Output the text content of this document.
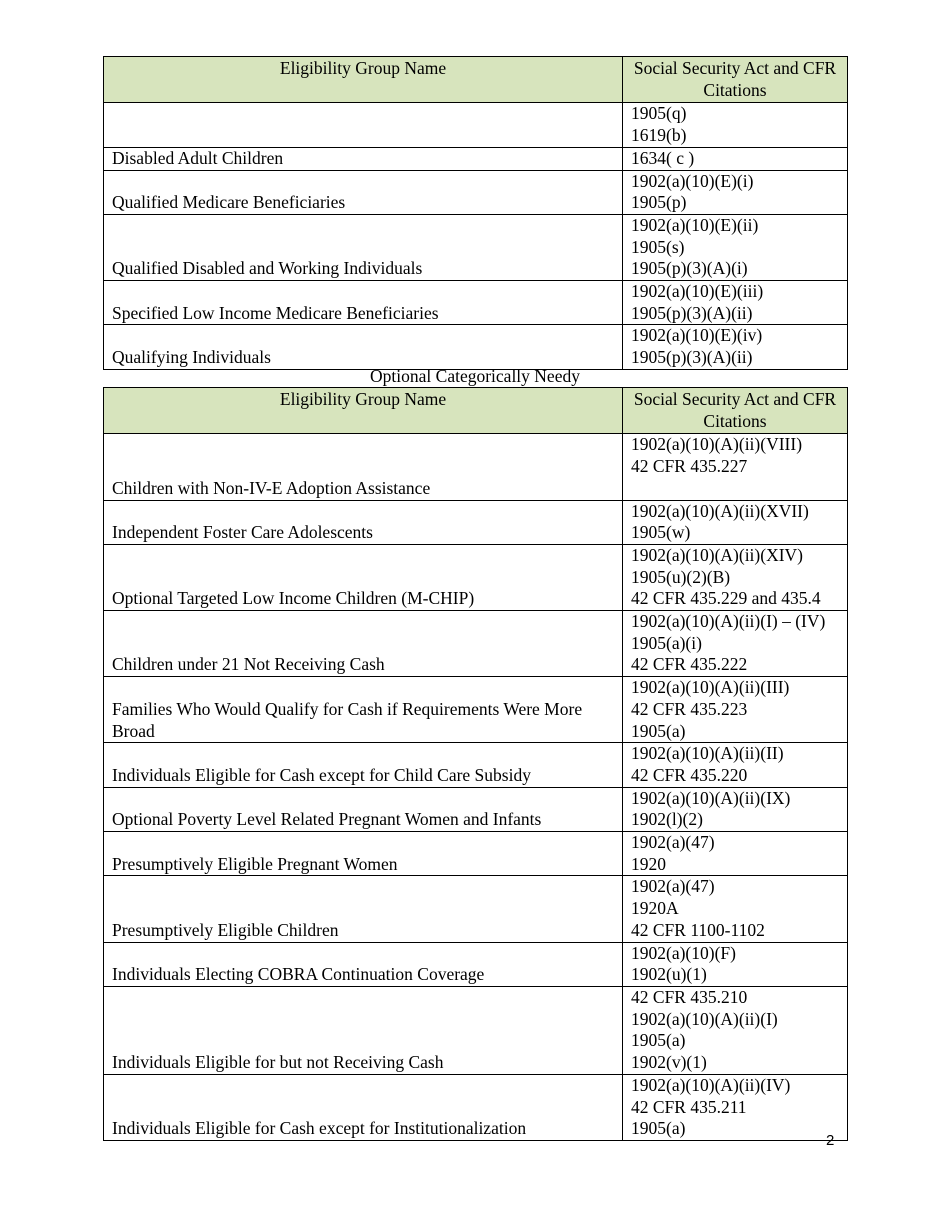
Eligibility Group Name	Social Security Act and CFR Citations

	1905(q)
1619(b)

Disabled Adult Children	1634( c )

Qualified Medicare Beneficiaries	1902(a)(10)(E)(i)
1905(p)

Qualified Disabled and Working Individuals	1902(a)(10)(E)(ii)
1905(s)
1905(p)(3)(A)(i)

Specified Low Income Medicare Beneficiaries	1902(a)(10)(E)(iii)
1905(p)(3)(A)(ii)

Qualifying Individuals	1902(a)(10)(E)(iv)
1905(p)(3)(A)(ii)
Optional Categorically Needy
Eligibility Group Name	Social Security Act and CFR Citations
Children with Non-IV-E Adoption Assistance	1902(a)(10)(A)(ii)(VIII)
42 CFR 435.227

Independent Foster Care Adolescents	1902(a)(10)(A)(ii)(XVII)
1905(w)

Optional Targeted Low Income Children (M-CHIP)	1902(a)(10)(A)(ii)(XIV)
1905(u)(2)(B)
42 CFR 435.229 and 435.4

Children under 21 Not Receiving Cash	1902(a)(10)(A)(ii)(I) – (IV)
1905(a)(i)
42 CFR 435.222

Families Who Would Qualify for Cash if Requirements Were More Broad	1902(a)(10)(A)(ii)(III)
42 CFR 435.223
1905(a)

Individuals Eligible for Cash except for Child Care Subsidy	1902(a)(10)(A)(ii)(II)
42 CFR 435.220

Optional Poverty Level Related Pregnant Women and Infants	1902(a)(10)(A)(ii)(IX)
1902(l)(2)

Presumptively Eligible Pregnant Women	1902(a)(47)
1920

Presumptively Eligible Children	1902(a)(47)
1920A
42 CFR 1100-1102

Individuals Electing COBRA Continuation Coverage	1902(a)(10)(F)
1902(u)(1)

Individuals Eligible for but not Receiving Cash	42 CFR 435.210
1902(a)(10)(A)(ii)(I)
1905(a)
1902(v)(1)

Individuals Eligible for Cash except for Institutionalization	1902(a)(10)(A)(ii)(IV)
42 CFR 435.211
1905(a)
2
